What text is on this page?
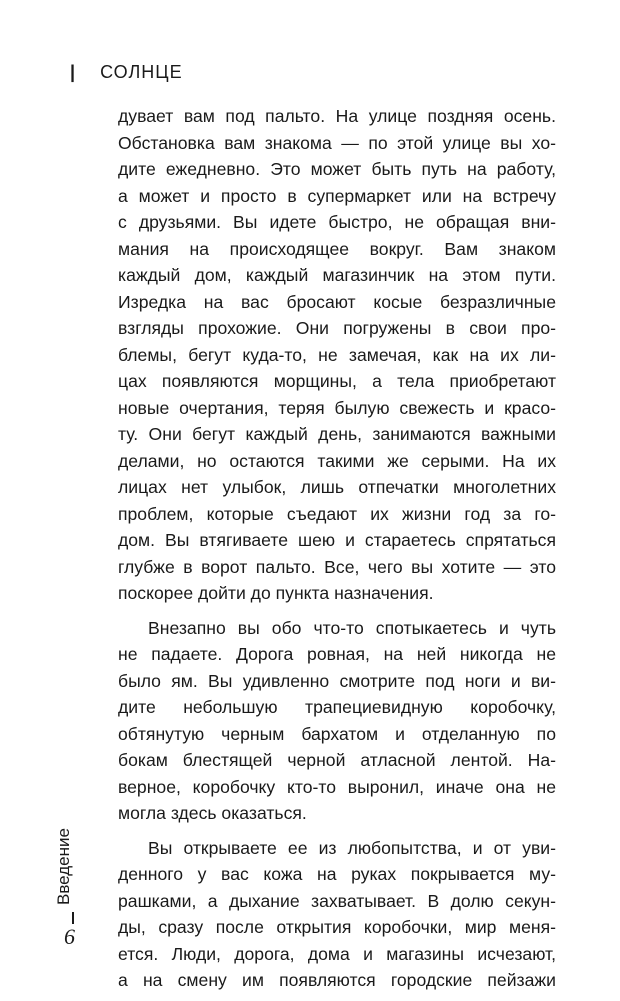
| СОЛНЦЕ
дувает вам под пальто. На улице поздняя осень.
Обстановка вам знакома — по этой улице вы хо-
дите ежедневно. Это может быть путь на работу,
а может и просто в супермаркет или на встречу
с друзьями. Вы идете быстро, не обращая вни-
мания на происходящее вокруг. Вам знаком
каждый дом, каждый магазинчик на этом пути.
Изредка на вас бросают косые безразличные
взгляды прохожие. Они погружены в свои про-
блемы, бегут куда-то, не замечая, как на их ли-
цах появляются морщины, а тела приобретают
новые очертания, теряя былую свежесть и красо-
ту. Они бегут каждый день, занимаются важными
делами, но остаются такими же серыми. На их
лицах нет улыбок, лишь отпечатки многолетних
проблем, которые съедают их жизни год за го-
дом. Вы втягиваете шею и стараетесь спрятаться
глубже в ворот пальто. Все, чего вы хотите — это
поскорее дойти до пункта назначения.
Внезапно вы обо что-то спотыкаетесь и чуть
не падаете. Дорога ровная, на ней никогда не
было ям. Вы удивленно смотрите под ноги и ви-
дите небольшую трапециевидную коробочку,
обтянутую черным бархатом и отделанную по
бокам блестящей черной атласной лентой. На-
верное, коробочку кто-то выронил, иначе она не
могла здесь оказаться.
Вы открываете ее из любопытства, и от уви-
денного у вас кожа на руках покрывается му-
рашками, а дыхание захватывает. В долю секун-
ды, сразу после открытия коробочки, мир меня-
ется. Люди, дорога, дома и магазины исчезают,
а на смену им появляются городские пейзажи
Введение
6
